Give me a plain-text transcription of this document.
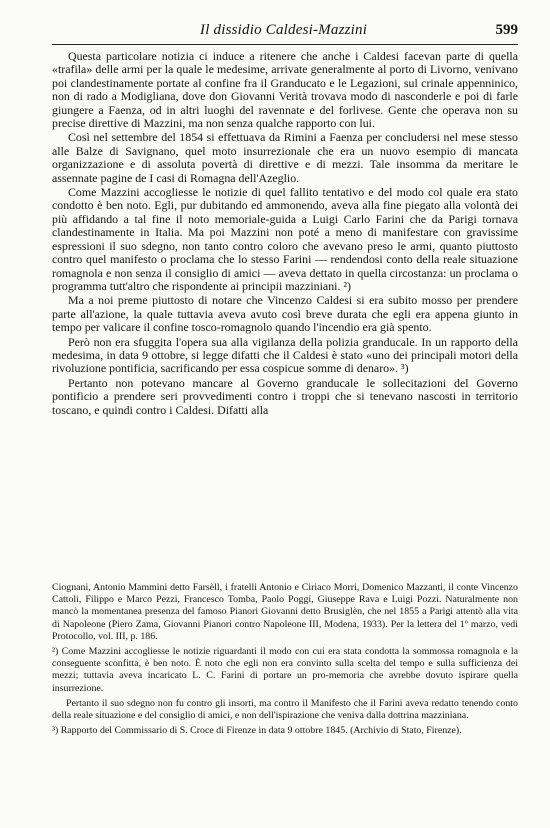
Il dissidio Caldesi-Mazzini	599

Questa particolare notizia ci induce a ritenere che anche i Caldesi facevan parte di quella «trafila» delle armi per la quale le medesime, arrivate generalmente al porto di Livorno, venivano poi clandestinamente portate al confine fra il Granducato e le Legazioni, sul crinale appenninico, non di rado a Modigliana, dove don Giovanni Verità trovava modo di nasconderle e poi di farle giungere a Faenza, od in altri luoghi del ravennate e del forlivese. Gente che operava non su precise direttive di Mazzini, ma non senza qualche rapporto con lui.

Così nel settembre del 1854 si effettuava da Rimini a Faenza per concludersi nel mese stesso alle Balze di Savignano, quel moto insurrezionale che era un nuovo esempio di mancata organizzazione e di assoluta povertà di direttive e di mezzi. Tale insomma da meritare le assennate pagine de I casi di Romagna dell'Azeglio.

Come Mazzini accogliesse le notizie di quel fallito tentativo e del modo col quale era stato condotto è ben noto. Egli, pur dubitando ed ammonendo, aveva alla fine piegato alla volontà dei più affidando a tal fine il noto memoriale-guida a Luigi Carlo Farini che da Parigi tornava clandestinamente in Italia. Ma poi Mazzini non poté a meno di manifestare con gravissime espressioni il suo sdegno, non tanto contro coloro che avevano preso le armi, quanto piuttosto contro quel manifesto o proclama che lo stesso Farini — rendendosi conto della reale situazione romagnola e non senza il consiglio di amici — aveva dettato in quella circostanza: un proclama o programma tutt'altro che rispondente ai principii mazziniani. ²)

Ma a noi preme piuttosto di notare che Vincenzo Caldesi si era subito mosso per prendere parte all'azione, la quale tuttavia aveva avuto così breve durata che egli era appena giunto in tempo per valicare il confine tosco-romagnolo quando l'incendio era già spento.

Però non era sfuggita l'opera sua alla vigilanza della polizia granducale. In un rapporto della medesima, in data 9 ottobre, si legge difatti che il Caldesi è stato «uno dei principali motori della rivoluzione pontificia, sacrificando per essa cospicue somme di denaro». ³)

Pertanto non potevano mancare al Governo granducale le sollecitazioni del Governo pontificio a prendere seri provvedimenti contro i troppi che si tenevano nascosti in territorio toscano, e quindi contro i Caldesi. Difatti alla

Ciognani, Antonio Mammini detto Farsèll, i fratelli Antonio e Ciriaco Morri, Domenico Mazzanti, il conte Vincenzo Cattoli, Filippo e Marco Pezzi, Francesco Tomba, Paolo Poggi, Giuseppe Rava e Luigi Pozzi. Naturalmente non mancò la momentanea presenza del famoso Pianori Giovanni detto Brusiglèn, che nel 1855 a Parigi attentò alla vita di Napoleone (Piero Zama, Giovanni Pianori contro Napoleone III, Modena, 1933). Per la lettera del 1º marzo, vedi Protocollo, vol. III, p. 186.

²) Come Mazzini accogliesse le notizie riguardanti il modo con cui era stata condotta la sommossa romagnola e la conseguente sconfitta, è ben noto. È noto che egli non era convinto sulla scelta del tempo e sulla sufficienza dei mezzi; tuttavia aveva incaricato L. C. Farini di portare un pro-memoria che avrebbe dovuto ispirare quella insurrezione.

Pertanto il suo sdegno non fu contro gli insorti, ma contro il Manifesto che il Farini aveva redatto tenendo conto della reale situazione e del consiglio di amici, e non dell'ispirazione che veniva dalla dottrina mazziniana.

³) Rapporto del Commissario di S. Croce di Firenze in data 9 ottobre 1845. (Archivio di Stato, Firenze).
